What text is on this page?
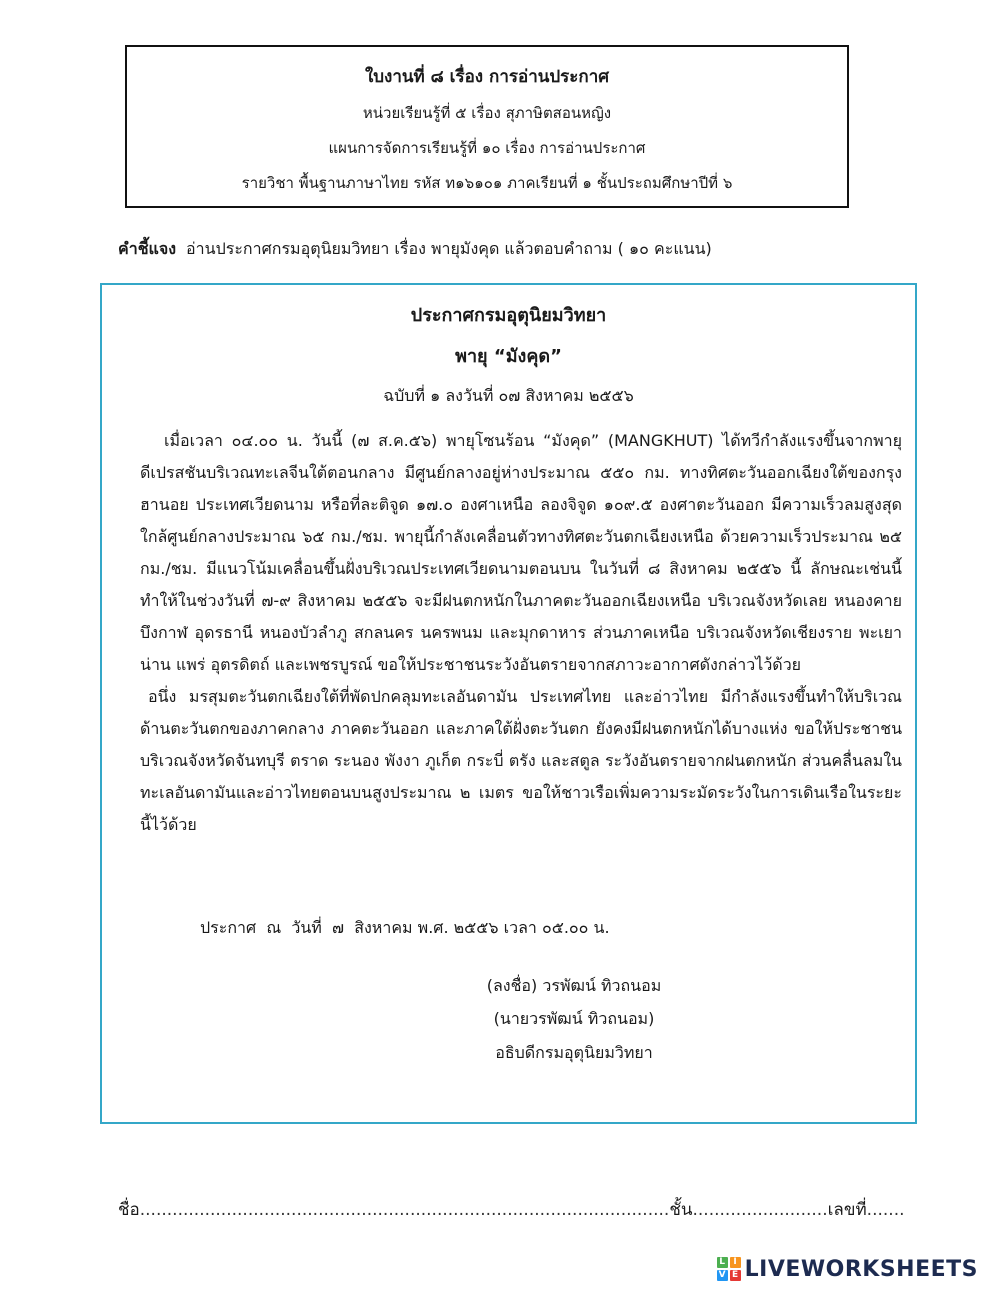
ใบงานที่ ๘ เรื่อง การอ่านประกาศ
หน่วยเรียนรู้ที่ ๕ เรื่อง สุภาษิตสอนหญิง
แผนการจัดการเรียนรู้ที่ ๑๐ เรื่อง การอ่านประกาศ
รายวิชา พื้นฐานภาษาไทย รหัส ท๑๖๑๐๑ ภาคเรียนที่ ๑ ชั้นประถมศึกษาปีที่ ๖
คำชี้แจง อ่านประกาศกรมอุตุนิยมวิทยา เรื่อง พายุมังคุด แล้วตอบคำถาม ( ๑๐ คะแนน)
ประกาศกรมอุตุนิยมวิทยา
พายุ “มังคุด”
ฉบับที่ ๑ ลงวันที่ ๐๗ สิงหาคม ๒๕๕๖

เมื่อเวลา ๐๔.๐๐ น. วันนี้ (๗ ส.ค.๕๖) พายุโซนร้อน “มังคุด” (MANGKHUT) ได้ทวีกำลังแรงขึ้นจากพายุดีเปรสชันบริเวณทะเลจีนใต้ตอนกลาง มีศูนย์กลางอยู่ห่างประมาณ ๕๕๐ กม. ทางทิศตะวันออกเฉียงใต้ของกรุงฮานอย ประเทศเวียดนาม หรือที่ละติจูด ๑๗.๐ องศาเหนือ ลองจิจูด ๑๐๙.๕ องศาตะวันออก มีความเร็วลมสูงสุดใกล้ศูนย์กลางประมาณ ๖๕ กม./ชม. พายุนี้กำลังเคลื่อนตัวทางทิศตะวันตกเฉียงเหนือ ด้วยความเร็วประมาณ ๒๕ กม./ชม. มีแนวโน้มเคลื่อนขึ้นฝั่งบริเวณประเทศเวียดนามตอนบน ในวันที่ ๘ สิงหาคม ๒๕๕๖ นี้ ลักษณะเช่นนี้ทำให้ในช่วงวันที่ ๗-๙ สิงหาคม ๒๕๕๖ จะมีฝนตกหนักในภาคตะวันออกเฉียงเหนือ บริเวณจังหวัดเลย หนองคาย บึงกาฬ อุดรธานี หนองบัวลำภู สกลนคร นครพนม และมุกดาหาร ส่วนภาคเหนือ บริเวณจังหวัดเชียงราย พะเยา น่าน แพร่ อุตรดิตถ์ และเพชรบูรณ์ ขอให้ประชาชนระวังอันตรายจากสภาวะอากาศดังกล่าวไว้ด้วย

อนึ่ง มรสุมตะวันตกเฉียงใต้ที่พัดปกคลุมทะเลอันดามัน ประเทศไทย และอ่าวไทย มีกำลังแรงขึ้นทำให้บริเวณด้านตะวันตกของภาคกลาง ภาคตะวันออก และภาคใต้ฝั่งตะวันตก ยังคงมีฝนตกหนักได้บางแห่ง ขอให้ประชาชนบริเวณจังหวัดจันทบุรี ตราด ระนอง พังงา ภูเก็ต กระบี่ ตรัง และสตูล ระวังอันตรายจากฝนตกหนัก ส่วนคลื่นลมในทะเลอันดามันและอ่าวไทยตอนบนสูงประมาณ ๒ เมตร ขอให้ชาวเรือเพิ่มความระมัดระวังในการเดินเรือในระยะนี้ไว้ด้วย

ประกาศ  ณ  วันที่  ๗  สิงหาคม พ.ศ. ๒๕๕๖ เวลา ๐๕.๐๐ น.
(ลงชื่อ) วรพัฒน์ ทิวถนอม
(นายวรพัฒน์ ทิวถนอม)
อธิบดีกรมอุตุนิยมวิทยา
ชื่อ..................................................................................................ชั้น.........................เลขที่.......
L I
V E LIVEWORKSHEETS
